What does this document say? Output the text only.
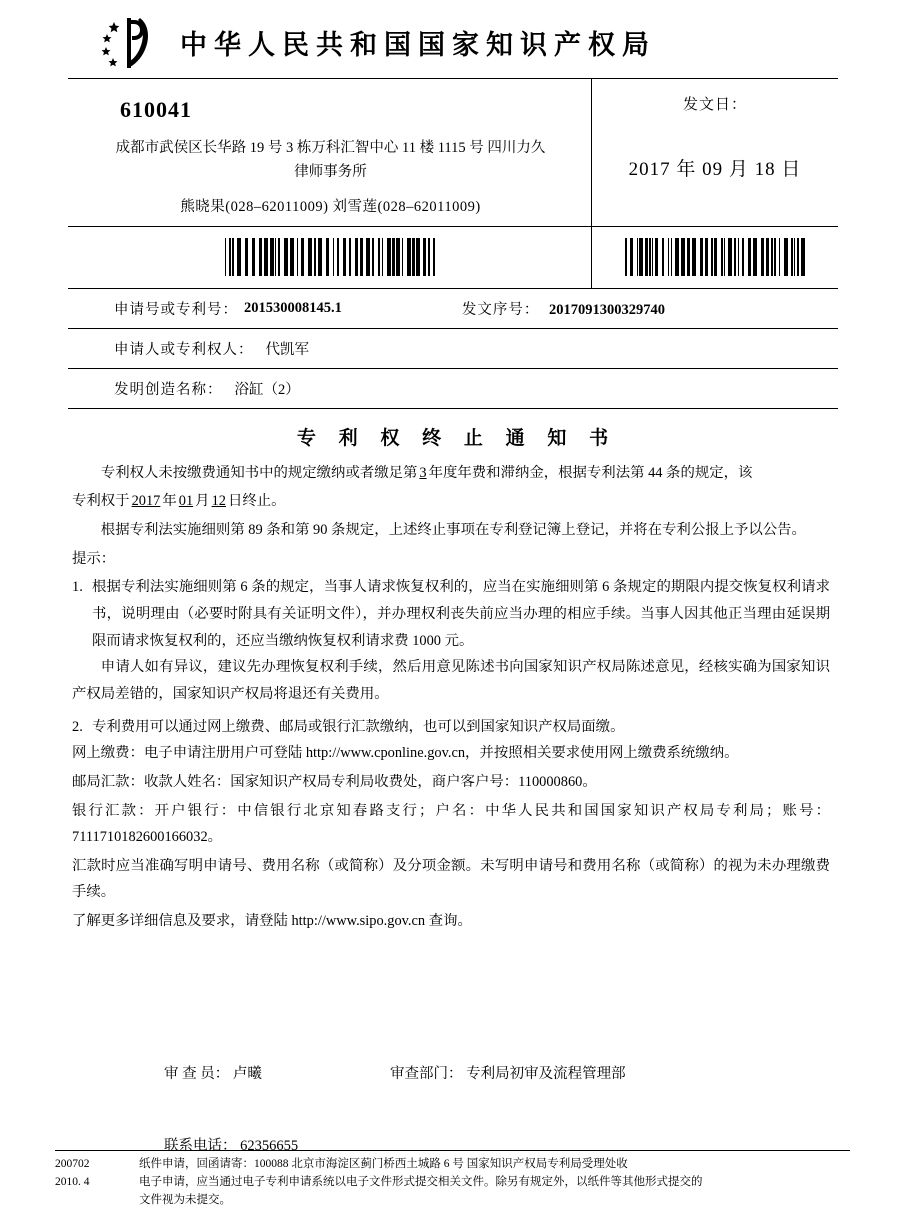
中华人民共和国国家知识产权局
610041
成都市武侯区长华路 19 号 3 栋万科汇智中心 11 楼 1115 号 四川力久
律师事务所
熊晓果(028–62011009) 刘雪莲(028–62011009)
发文日：
2017 年 09 月 18 日
申请号或专利号： 201530008145.1	发文序号： 2017091300329740
申请人或专利权人： 代凯军
发明创造名称： 浴缸（2）
专 利 权 终 止 通 知 书

专利权人未按缴费通知书中的规定缴纳或者缴足第 3 年度年费和滞纳金，根据专利法第 44 条的规定，该

专利权于 2017 年 01 月 12 日终止。

根据专利法实施细则第 89 条和第 90 条规定，上述终止事项在专利登记簿上登记，并将在专利公报上予以公告。

提示：

1. 根据专利法实施细则第 6 条的规定，当事人请求恢复权利的，应当在实施细则第 6 条规定的期限内提交恢复权利请求书，说明理由（必要时附具有关证明文件），并办理权利丧失前应当办理的相应手续。当事人因其他正当理由延误期限而请求恢复权利的，还应当缴纳恢复权利请求费 1000 元。

申请人如有异议，建议先办理恢复权利手续，然后用意见陈述书向国家知识产权局陈述意见，经核实确为国家知识产权局差错的，国家知识产权局将退还有关费用。

2. 专利费用可以通过网上缴费、邮局或银行汇款缴纳，也可以到国家知识产权局面缴。

网上缴费：电子申请注册用户可登陆 http://www.cponline.gov.cn，并按照相关要求使用网上缴费系统缴纳。

邮局汇款：收款人姓名：国家知识产权局专利局收费处，商户客户号：110000860。

银行汇款：开户银行：中信银行北京知春路支行；户名：中华人民共和国国家知识产权局专利局；账号：7111710182600166032。

汇款时应当准确写明申请号、费用名称（或简称）及分项金额。未写明申请号和费用名称（或简称）的视为未办理缴费手续。

了解更多详细信息及要求，请登陆 http://www.sipo.gov.cn 查询。

审 查 员： 卢曦	审查部门： 专利局初审及流程管理部
联系电话： 62356655
200702
2010. 4
纸件申请，回函请寄：100088 北京市海淀区蓟门桥西土城路 6 号 国家知识产权局专利局受理处收
电子申请，应当通过电子专利申请系统以电子文件形式提交相关文件。除另有规定外，以纸件等其他形式提交的
文件视为未提交。
